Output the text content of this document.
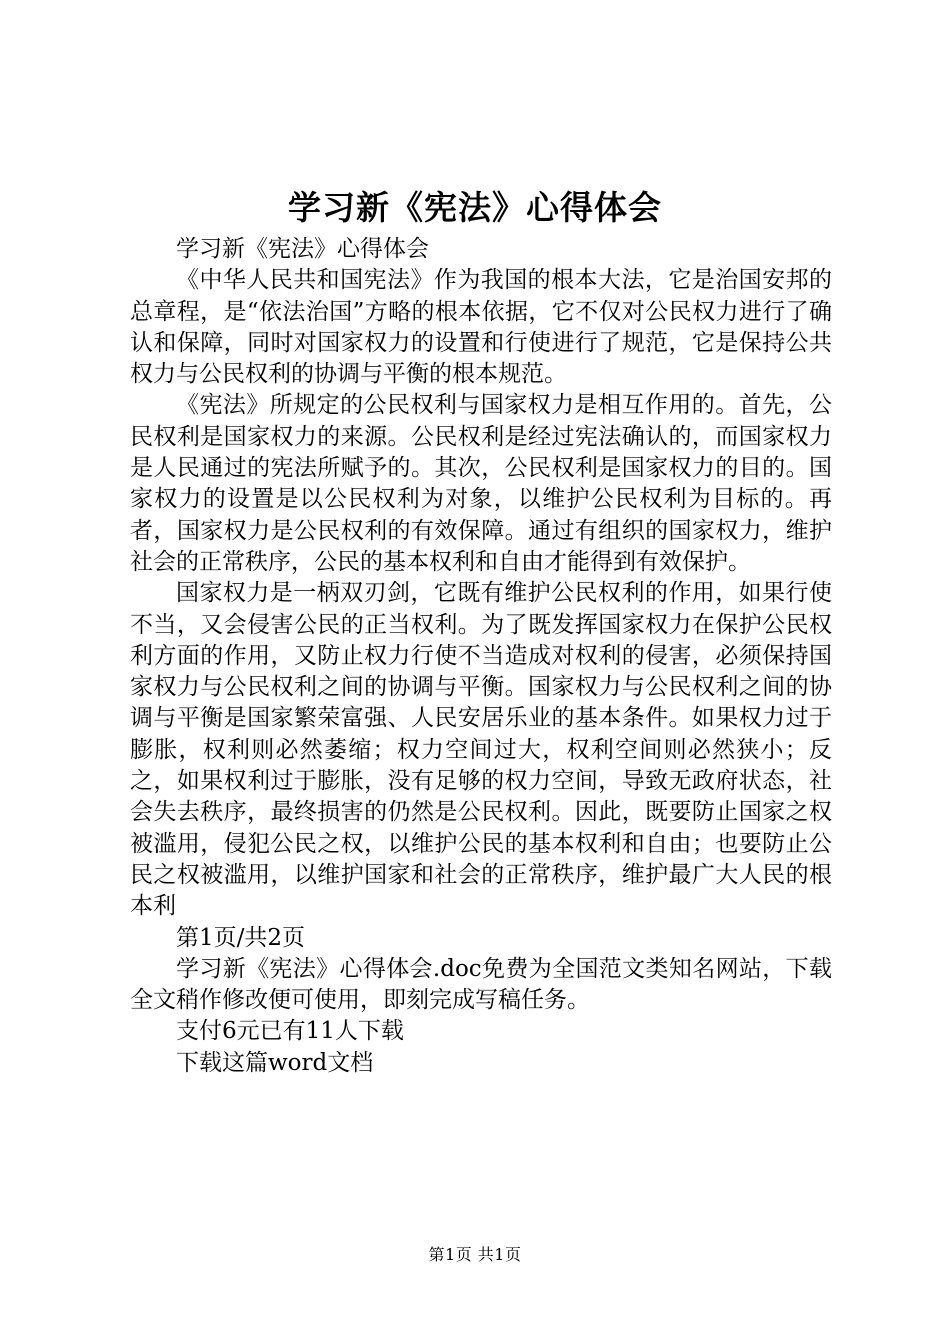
学习新《宪法》心得体会

学习新《宪法》心得体会

《中华人民共和国宪法》作为我国的根本大法，它是治国安邦的总章程，是“依法治国”方略的根本依据，它不仅对公民权力进行了确认和保障，同时对国家权力的设置和行使进行了规范，它是保持公共权力与公民权利的协调与平衡的根本规范。

《宪法》所规定的公民权利与国家权力是相互作用的。首先，公民权利是国家权力的来源。公民权利是经过宪法确认的，而国家权力是人民通过的宪法所赋予的。其次，公民权利是国家权力的目的。国家权力的设置是以公民权利为对象，以维护公民权利为目标的。再者，国家权力是公民权利的有效保障。通过有组织的国家权力，维护社会的正常秩序，公民的基本权利和自由才能得到有效保护。

国家权力是一柄双刃剑，它既有维护公民权利的作用，如果行使不当，又会侵害公民的正当权利。为了既发挥国家权力在保护公民权利方面的作用，又防止权力行使不当造成对权利的侵害，必须保持国家权力与公民权利之间的协调与平衡。国家权力与公民权利之间的协调与平衡是国家繁荣富强、人民安居乐业的基本条件。如果权力过于膨胀，权利则必然萎缩；权力空间过大，权利空间则必然狭小；反之，如果权利过于膨胀，没有足够的权力空间，导致无政府状态，社会失去秩序，最终损害的仍然是公民权利。因此，既要防止国家之权被滥用，侵犯公民之权，以维护公民的基本权利和自由；也要防止公民之权被滥用，以维护国家和社会的正常秩序，维护最广大人民的根本利

第1页/共2页

学习新《宪法》心得体会.doc免费为全国范文类知名网站，下载全文稍作修改便可使用，即刻完成写稿任务。

支付6元已有11人下载

下载这篇word文档

第1页 共1页
